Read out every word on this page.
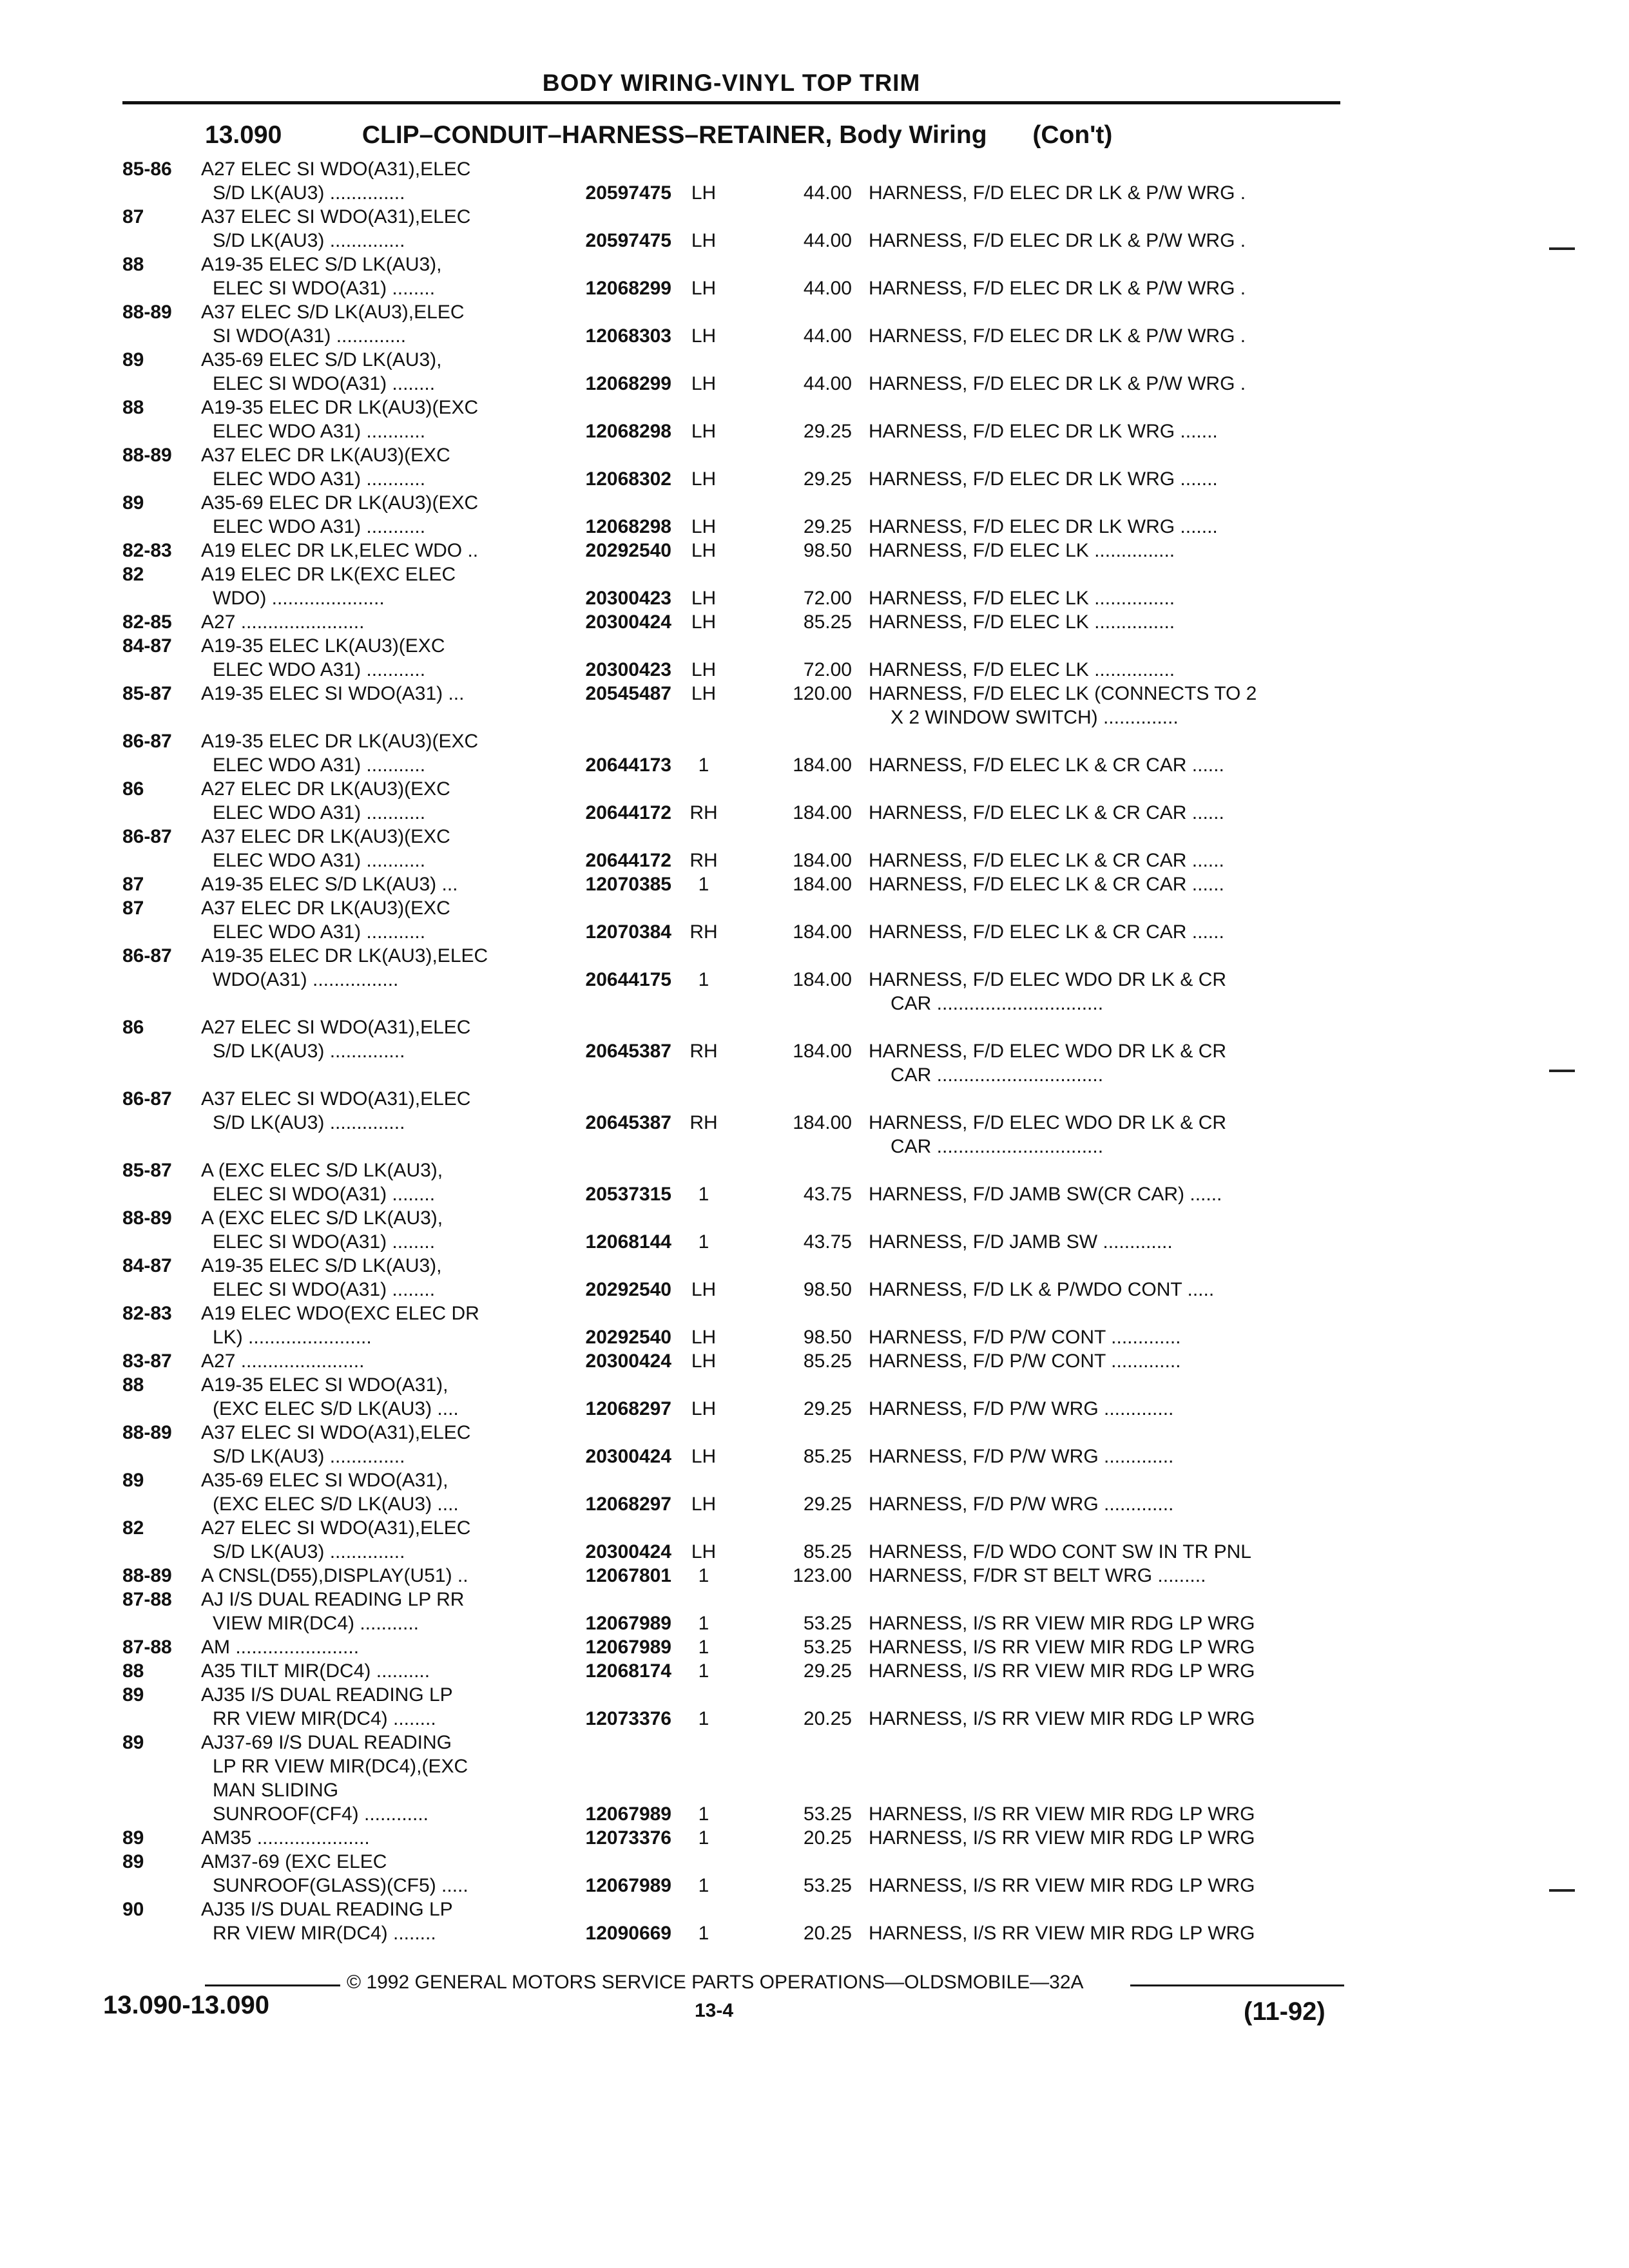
BODY WIRING-VINYL TOP TRIM
13.090	CLIP–CONDUIT–HARNESS–RETAINER, Body Wiring (Con't)
85-86	A27 ELEC SI WDO(A31),ELEC
S/D LK(AU3) ..............	20597475	LH	44.00 HARNESS, F/D ELEC DR LK & P/W WRG .
87	A37 ELEC SI WDO(A31),ELEC
S/D LK(AU3) ..............	20597475	LH	44.00 HARNESS, F/D ELEC DR LK & P/W WRG .
88	A19-35 ELEC S/D LK(AU3),
ELEC SI WDO(A31) ........	12068299	LH	44.00 HARNESS, F/D ELEC DR LK & P/W WRG .
88-89	A37 ELEC S/D LK(AU3),ELEC
SI WDO(A31) .............	12068303	LH	44.00 HARNESS, F/D ELEC DR LK & P/W WRG .
89	A35-69 ELEC S/D LK(AU3),
ELEC SI WDO(A31) ........	12068299	LH	44.00 HARNESS, F/D ELEC DR LK & P/W WRG .
88	A19-35 ELEC DR LK(AU3)(EXC
ELEC WDO A31) ...........	12068298	LH	29.25 HARNESS, F/D ELEC DR LK WRG .......
88-89	A37 ELEC DR LK(AU3)(EXC
ELEC WDO A31) ...........	12068302	LH	29.25 HARNESS, F/D ELEC DR LK WRG .......
89	A35-69 ELEC DR LK(AU3)(EXC
ELEC WDO A31) ...........	12068298	LH	29.25 HARNESS, F/D ELEC DR LK WRG .......
82-83	A19 ELEC DR LK,ELEC WDO ..	20292540	LH	98.50 HARNESS, F/D ELEC LK ...............
82	A19 ELEC DR LK(EXC ELEC
WDO) .....................	20300423	LH	72.00 HARNESS, F/D ELEC LK ...............
82-85	A27 .......................	20300424	LH	85.25 HARNESS, F/D ELEC LK ...............
84-87	A19-35 ELEC LK(AU3)(EXC
ELEC WDO A31) ...........	20300423	LH	72.00 HARNESS, F/D ELEC LK ...............
85-87	A19-35 ELEC SI WDO(A31) ...	20545487	LH	120.00 HARNESS, F/D ELEC LK (CONNECTS TO 2
X 2 WINDOW SWITCH) ..............
86-87	A19-35 ELEC DR LK(AU3)(EXC
ELEC WDO A31) ...........	20644173	1	184.00 HARNESS, F/D ELEC LK & CR CAR ......
86	A27 ELEC DR LK(AU3)(EXC
ELEC WDO A31) ...........	20644172 RH	184.00 HARNESS, F/D ELEC LK & CR CAR ......
86-87	A37 ELEC DR LK(AU3)(EXC
ELEC WDO A31) ...........	20644172 RH	184.00 HARNESS, F/D ELEC LK & CR CAR ......
87	A19-35 ELEC S/D LK(AU3) ...	12070385	1	184.00 HARNESS, F/D ELEC LK & CR CAR ......
87	A37 ELEC DR LK(AU3)(EXC
ELEC WDO A31) ...........	12070384 RH	184.00 HARNESS, F/D ELEC LK & CR CAR ......
86-87	A19-35 ELEC DR LK(AU3),ELEC
WDO(A31) ................	20644175	1	184.00 HARNESS, F/D ELEC WDO DR LK & CR
CAR ...............................
86	A27 ELEC SI WDO(A31),ELEC
S/D LK(AU3) ..............	20645387 RH	184.00 HARNESS, F/D ELEC WDO DR LK & CR
CAR ...............................
86-87	A37 ELEC SI WDO(A31),ELEC
S/D LK(AU3) ..............	20645387 RH	184.00 HARNESS, F/D ELEC WDO DR LK & CR
CAR ...............................
85-87	A (EXC ELEC S/D LK(AU3),
ELEC SI WDO(A31) ........	20537315	1	43.75 HARNESS, F/D JAMB SW(CR CAR) ......
88-89	A (EXC ELEC S/D LK(AU3),
ELEC SI WDO(A31) ........	12068144	1	43.75 HARNESS, F/D JAMB SW .............
84-87	A19-35 ELEC S/D LK(AU3),
ELEC SI WDO(A31) ........	20292540	LH	98.50 HARNESS, F/D LK & P/WDO CONT .....
82-83	A19 ELEC WDO(EXC ELEC DR
LK) .......................	20292540	LH	98.50 HARNESS, F/D P/W CONT .............
83-87	A27 .......................	20300424	LH	85.25 HARNESS, F/D P/W CONT .............
88	A19-35 ELEC SI WDO(A31),
(EXC ELEC S/D LK(AU3) ....	12068297	LH	29.25 HARNESS, F/D P/W WRG .............
88-89	A37 ELEC SI WDO(A31),ELEC
S/D LK(AU3) ..............	20300424	LH	85.25 HARNESS, F/D P/W WRG .............
89	A35-69 ELEC SI WDO(A31),
(EXC ELEC S/D LK(AU3) ....	12068297	LH	29.25 HARNESS, F/D P/W WRG .............
82	A27 ELEC SI WDO(A31),ELEC
S/D LK(AU3) ..............	20300424	LH	85.25 HARNESS, F/D WDO CONT SW IN TR PNL
88-89	A CNSL(D55),DISPLAY(U51) ..	12067801	1	123.00 HARNESS, F/DR ST BELT WRG .........
87-88	AJ I/S DUAL READING LP RR
VIEW MIR(DC4) ...........	12067989	1	53.25 HARNESS, I/S RR VIEW MIR RDG LP WRG
87-88	AM .......................	12067989	1	53.25 HARNESS, I/S RR VIEW MIR RDG LP WRG
88	A35 TILT MIR(DC4) ..........	12068174	1	29.25 HARNESS, I/S RR VIEW MIR RDG LP WRG
89	AJ35 I/S DUAL READING LP
RR VIEW MIR(DC4) ........	12073376	1	20.25 HARNESS, I/S RR VIEW MIR RDG LP WRG
89	AJ37-69 I/S DUAL READING
LP RR VIEW MIR(DC4),(EXC
MAN SLIDING
SUNROOF(CF4) ............	12067989	1	53.25 HARNESS, I/S RR VIEW MIR RDG LP WRG
89	AM35 .....................	12073376	1	20.25 HARNESS, I/S RR VIEW MIR RDG LP WRG
89	AM37-69 (EXC ELEC
SUNROOF(GLASS)(CF5) .....	12067989	1	53.25 HARNESS, I/S RR VIEW MIR RDG LP WRG
90	AJ35 I/S DUAL READING LP
RR VIEW MIR(DC4) ........	12090669	1	20.25 HARNESS, I/S RR VIEW MIR RDG LP WRG
© 1992 GENERAL MOTORS SERVICE PARTS OPERATIONS—OLDSMOBILE—32A
13.090-13.090	13-4	(11-92)
